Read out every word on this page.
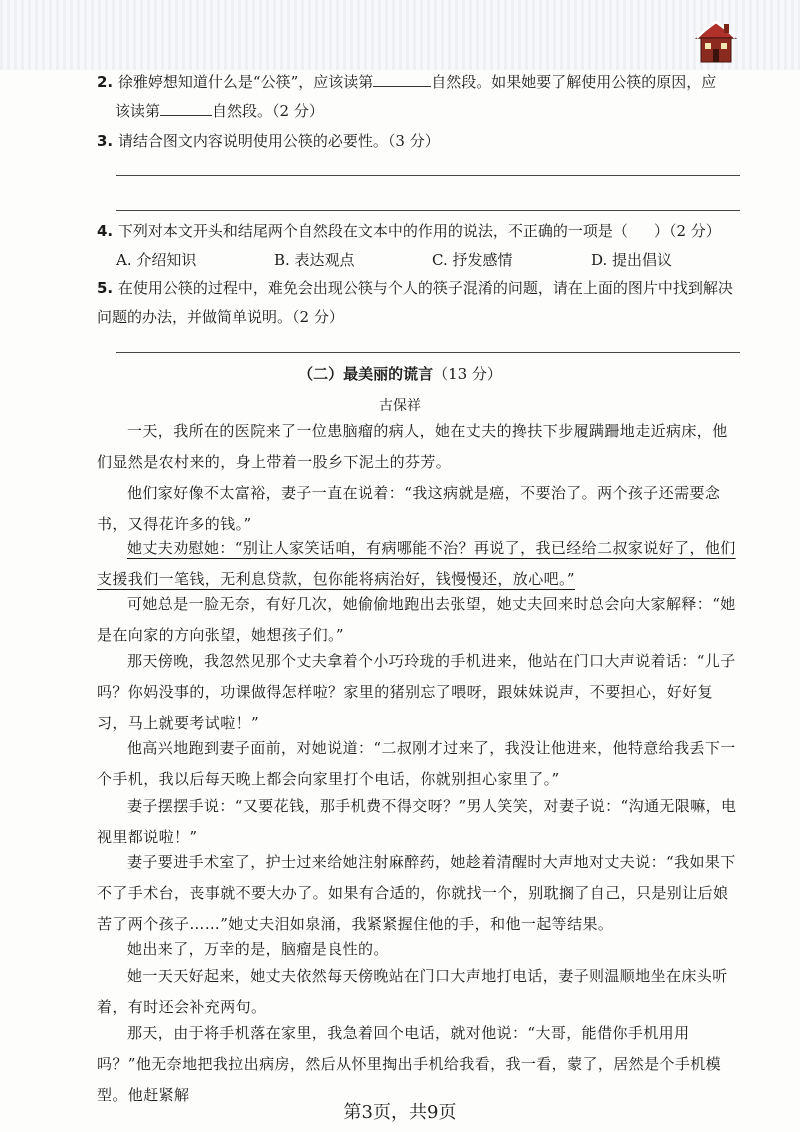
2. 徐雅婷想知道什么是“公筷”，应该读第	自然段。如果她要了解使用公筷的原因，应
该读第	自然段。（2 分）
3. 请结合图文内容说明使用公筷的必要性。（3 分）
4. 下列对本文开头和结尾两个自然段在文本中的作用的说法，不正确的一项是（ ）（2 分）
A. 介绍知识	B. 表达观点	C. 抒发感情	D. 提出倡议
5. 在使用公筷的过程中，难免会出现公筷与个人的筷子混淆的问题，请在上面的图片中找到解决问题的办法，并做简单说明。（2 分）
（二）最美丽的谎言（13 分）
古保祥
一天，我所在的医院来了一位患脑瘤的病人，她在丈夫的搀扶下步履蹒跚地走近病床，他们显然是农村来的，身上带着一股乡下泥土的芬芳。
他们家好像不太富裕，妻子一直在说着：“我这病就是癌，不要治了。两个孩子还需要念书，又得花许多的钱。”
她丈夫劝慰她：“别让人家笑话咱，有病哪能不治？再说了，我已经给二叔家说好了，他们支援我们一笔钱，无利息贷款，包你能将病治好，钱慢慢还，放心吧。”
可她总是一脸无奈，有好几次，她偷偷地跑出去张望，她丈夫回来时总会向大家解释：“她是在向家的方向张望，她想孩子们。”
那天傍晚，我忽然见那个丈夫拿着个小巧玲珑的手机进来，他站在门口大声说着话：“儿子吗？你妈没事的，功课做得怎样啦？家里的猪别忘了喂呀，跟妹妹说声，不要担心，好好复习，马上就要考试啦！”
他高兴地跑到妻子面前，对她说道：“二叔刚才过来了，我没让他进来，他特意给我丢下一个手机，我以后每天晚上都会向家里打个电话，你就别担心家里了。”
妻子摆摆手说：“又要花钱，那手机费不得交呀？”男人笑笑，对妻子说：“沟通无限嘛，电视里都说啦！”
妻子要进手术室了，护士过来给她注射麻醉药，她趁着清醒时大声地对丈夫说：“我如果下不了手术台，丧事就不要大办了。如果有合适的，你就找一个，别耽搁了自己，只是别让后娘苦了两个孩子……”她丈夫泪如泉涌，我紧紧握住他的手，和他一起等结果。
她出来了，万幸的是，脑瘤是良性的。
她一天天好起来，她丈夫依然每天傍晚站在门口大声地打电话，妻子则温顺地坐在床头听着，有时还会补充两句。
那天，由于将手机落在家里，我急着回个电话，就对他说：“大哥，能借你手机用用吗？”他无奈地把我拉出病房，然后从怀里掏出手机给我看，我一看，蒙了，居然是个手机模型。他赶紧解
第3页，共9页
